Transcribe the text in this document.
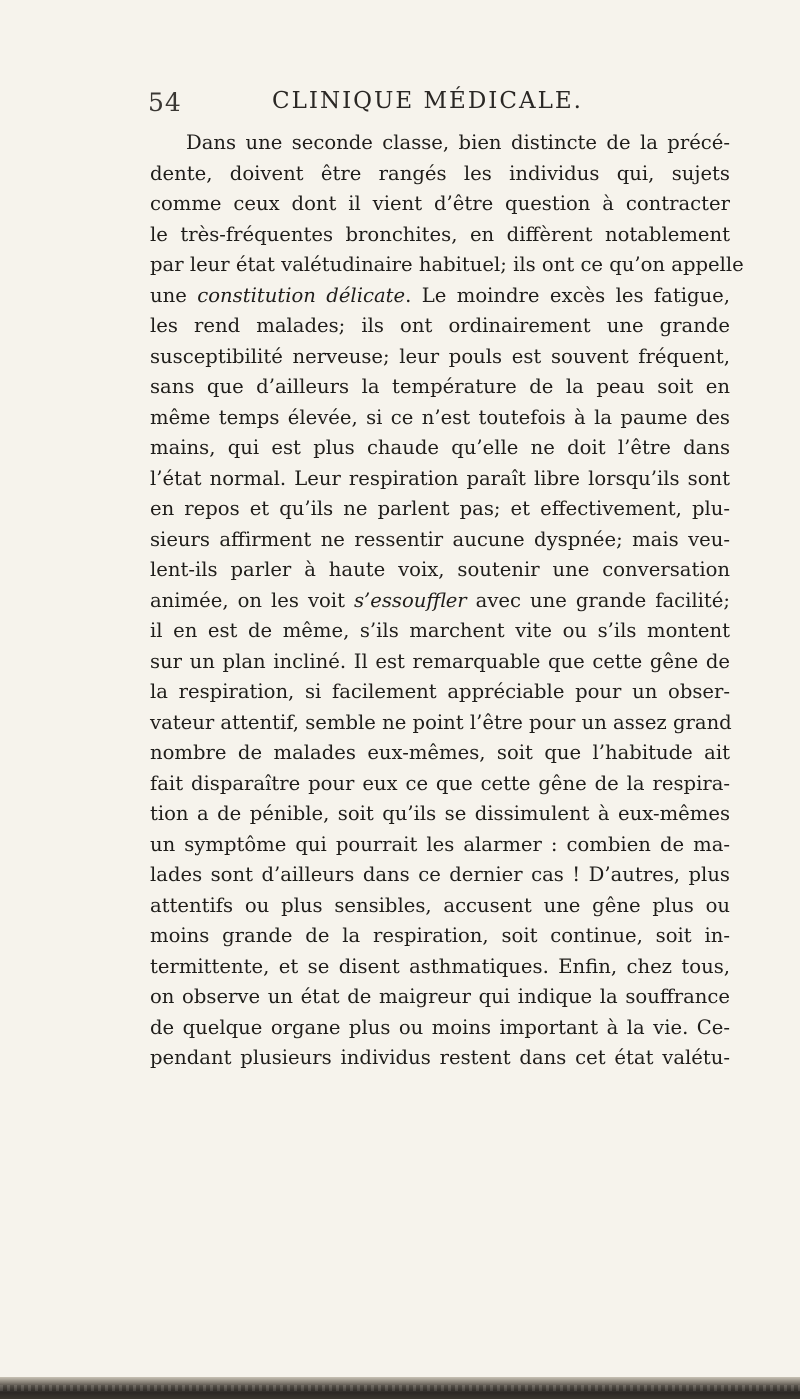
54	CLINIQUE MÉDICALE.
Dans une seconde classe, bien distincte de la précé-
dente, doivent être rangés les individus qui, sujets
comme ceux dont il vient d’être question à contracter
le très-fréquentes bronchites, en diffèrent notablement
par leur état valétudinaire habituel; ils ont ce qu’on appelle
une constitution délicate. Le moindre excès les fatigue,
les rend malades; ils ont ordinairement une grande
susceptibilité nerveuse; leur pouls est souvent fréquent,
sans que d’ailleurs la température de la peau soit en
même temps élevée, si ce n’est toutefois à la paume des
mains, qui est plus chaude qu’elle ne doit l’être dans
l’état normal. Leur respiration paraît libre lorsqu’ils sont
en repos et qu’ils ne parlent pas; et effectivement, plu-
sieurs affirment ne ressentir aucune dyspnée; mais veu-
lent-ils parler à haute voix, soutenir une conversation
animée, on les voit s’essouffler avec une grande facilité;
il en est de même, s’ils marchent vite ou s’ils montent
sur un plan incliné. Il est remarquable que cette gêne de
la respiration, si facilement appréciable pour un obser-
vateur attentif, semble ne point l’être pour un assez grand
nombre de malades eux-mêmes, soit que l’habitude ait
fait disparaître pour eux ce que cette gêne de la respira-
tion a de pénible, soit qu’ils se dissimulent à eux-mêmes
un symptôme qui pourrait les alarmer : combien de ma-
lades sont d’ailleurs dans ce dernier cas ! D’autres, plus
attentifs ou plus sensibles, accusent une gêne plus ou
moins grande de la respiration, soit continue, soit in-
termittente, et se disent asthmatiques. Enfin, chez tous,
on observe un état de maigreur qui indique la souffrance
de quelque organe plus ou moins important à la vie. Ce-
pendant plusieurs individus restent dans cet état valétu-
